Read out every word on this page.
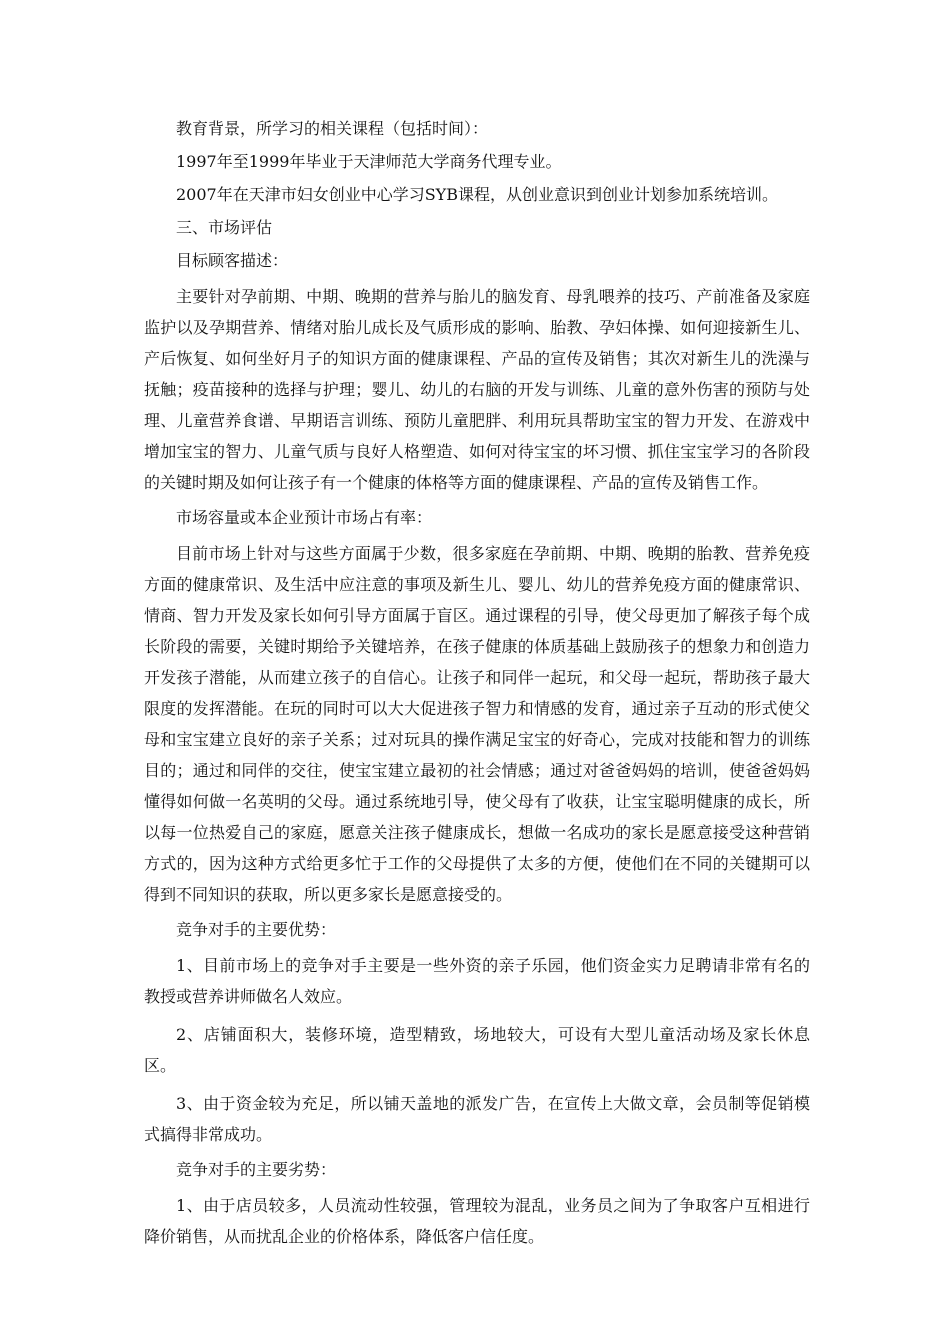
教育背景，所学习的相关课程（包括时间）：

1997年至1999年毕业于天津师范大学商务代理专业。

2007年在天津市妇女创业中心学习SYB课程，从创业意识到创业计划参加系统培训。

三、市场评估

目标顾客描述：

主要针对孕前期、中期、晚期的营养与胎儿的脑发育、母乳喂养的技巧、产前准备及家庭监护以及孕期营养、情绪对胎儿成长及气质形成的影响、胎教、孕妇体操、如何迎接新生儿、产后恢复、如何坐好月子的知识方面的健康课程、产品的宣传及销售；其次对新生儿的洗澡与抚触；疫苗接种的选择与护理；婴儿、幼儿的右脑的开发与训练、儿童的意外伤害的预防与处理、儿童营养食谱、早期语言训练、预防儿童肥胖、利用玩具帮助宝宝的智力开发、在游戏中增加宝宝的智力、儿童气质与良好人格塑造、如何对待宝宝的坏习惯、抓住宝宝学习的各阶段的关键时期及如何让孩子有一个健康的体格等方面的健康课程、产品的宣传及销售工作。

市场容量或本企业预计市场占有率：

目前市场上针对与这些方面属于少数，很多家庭在孕前期、中期、晚期的胎教、营养免疫方面的健康常识、及生活中应注意的事项及新生儿、婴儿、幼儿的营养免疫方面的健康常识、情商、智力开发及家长如何引导方面属于盲区。通过课程的引导，使父母更加了解孩子每个成长阶段的需要，关键时期给予关键培养，在孩子健康的体质基础上鼓励孩子的想象力和创造力开发孩子潜能，从而建立孩子的自信心。让孩子和同伴一起玩，和父母一起玩，帮助孩子最大限度的发挥潜能。在玩的同时可以大大促进孩子智力和情感的发育，通过亲子互动的形式使父母和宝宝建立良好的亲子关系；过对玩具的操作满足宝宝的好奇心，完成对技能和智力的训练目的；通过和同伴的交往，使宝宝建立最初的社会情感；通过对爸爸妈妈的培训，使爸爸妈妈懂得如何做一名英明的父母。通过系统地引导，使父母有了收获，让宝宝聪明健康的成长，所以每一位热爱自己的家庭，愿意关注孩子健康成长，想做一名成功的家长是愿意接受这种营销方式的，因为这种方式给更多忙于工作的父母提供了太多的方便，使他们在不同的关键期可以得到不同知识的获取，所以更多家长是愿意接受的。

竞争对手的主要优势：

1、目前市场上的竞争对手主要是一些外资的亲子乐园，他们资金实力足聘请非常有名的教授或营养讲师做名人效应。

2、店铺面积大，装修环境，造型精致，场地较大，可设有大型儿童活动场及家长休息区。

3、由于资金较为充足，所以铺天盖地的派发广告，在宣传上大做文章，会员制等促销模式搞得非常成功。

竞争对手的主要劣势：

1、由于店员较多，人员流动性较强，管理较为混乱，业务员之间为了争取客户互相进行降价销售，从而扰乱企业的价格体系，降低客户信任度。
